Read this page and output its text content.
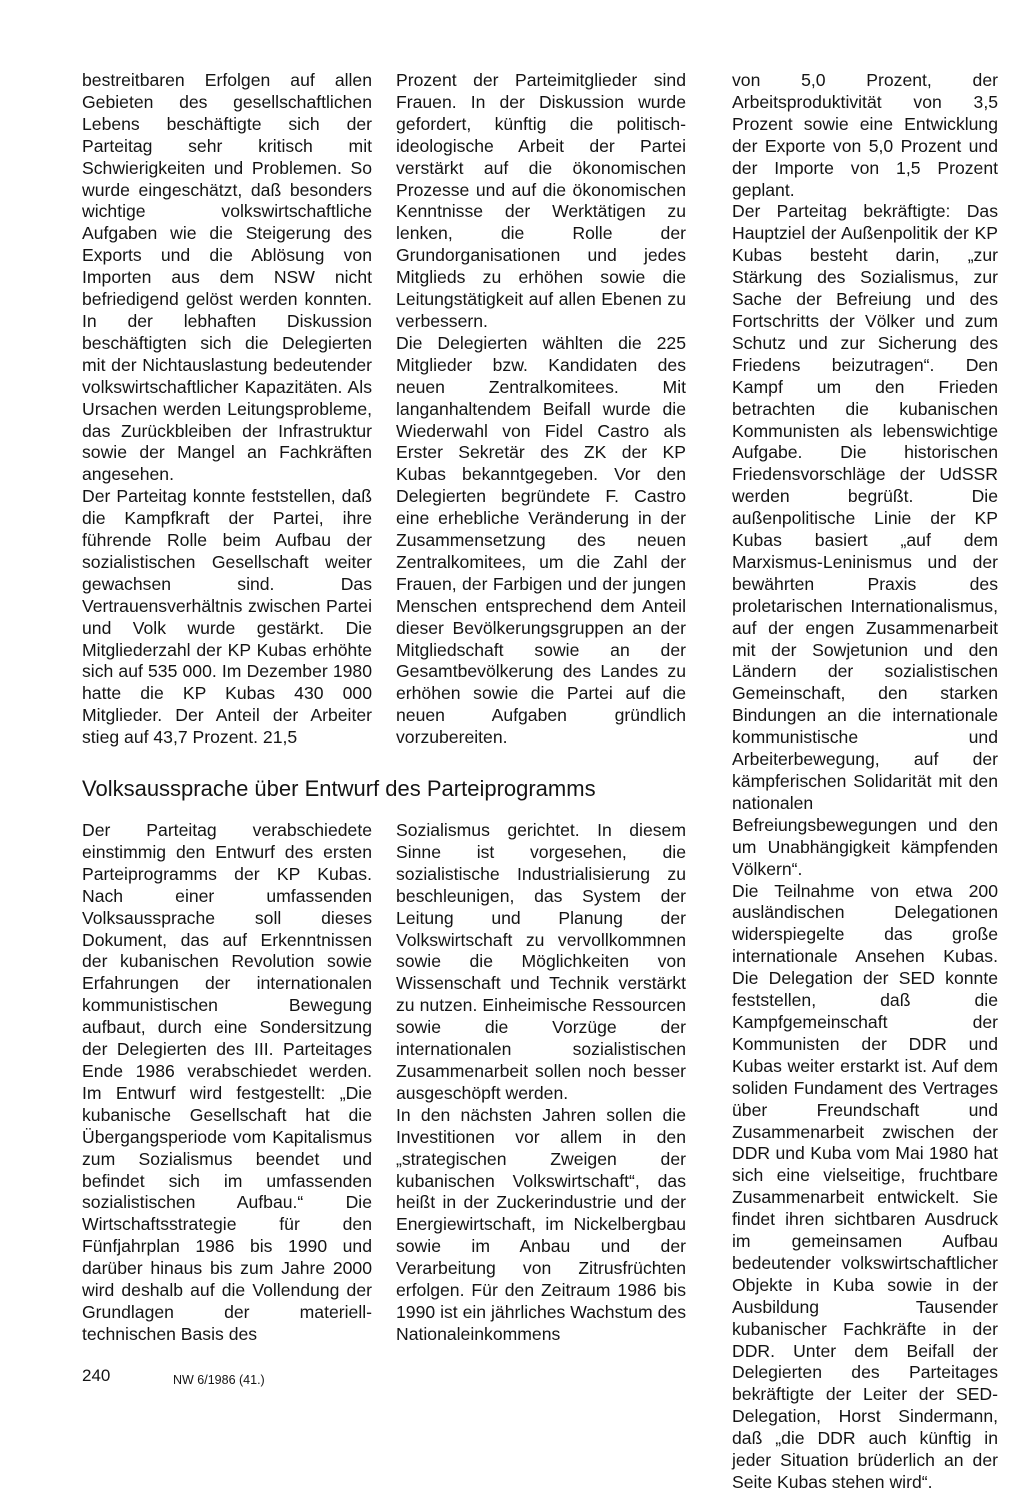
bestreitbaren Erfolgen auf allen Gebieten des gesellschaftlichen Lebens beschäftigte sich der Parteitag sehr kritisch mit Schwierigkeiten und Problemen. So wurde eingeschätzt, daß besonders wichtige volkswirtschaftliche Aufgaben wie die Steigerung des Exports und die Ablösung von Importen aus dem NSW nicht befriedigend gelöst werden konnten. In der lebhaften Diskussion beschäftigten sich die Delegierten mit der Nichtauslastung bedeutender volkswirtschaftlicher Kapazitäten. Als Ursachen werden Leitungsprobleme, das Zurückbleiben der Infrastruktur sowie der Mangel an Fachkräften angesehen.

Der Parteitag konnte feststellen, daß die Kampfkraft der Partei, ihre führende Rolle beim Aufbau der sozialistischen Gesellschaft weiter gewachsen sind. Das Vertrauensverhältnis zwischen Partei und Volk wurde gestärkt. Die Mitgliederzahl der KP Kubas erhöhte sich auf 535 000. Im Dezember 1980 hatte die KP Kubas 430 000 Mitglieder. Der Anteil der Arbeiter stieg auf 43,7 Prozent. 21,5

Prozent der Parteimitglieder sind Frauen. In der Diskussion wurde gefordert, künftig die politisch-ideologische Arbeit der Partei verstärkt auf die ökonomischen Prozesse und auf die ökonomischen Kenntnisse der Werktätigen zu lenken, die Rolle der Grundorganisationen und jedes Mitglieds zu erhöhen sowie die Leitungstätigkeit auf allen Ebenen zu verbessern.

Die Delegierten wählten die 225 Mitglieder bzw. Kandidaten des neuen Zentralkomitees. Mit langanhaltendem Beifall wurde die Wiederwahl von Fidel Castro als Erster Sekretär des ZK der KP Kubas bekanntgegeben. Vor den Delegierten begründete F. Castro eine erhebliche Veränderung in der Zusammensetzung des neuen Zentralkomitees, um die Zahl der Frauen, der Farbigen und der jungen Menschen entsprechend dem Anteil dieser Bevölkerungsgruppen an der Mitgliedschaft sowie an der Gesamtbevölkerung des Landes zu erhöhen sowie die Partei auf die neuen Aufgaben gründlich vorzubereiten.

von 5,0 Prozent, der Arbeitsproduktivität von 3,5 Prozent sowie eine Entwicklung der Exporte von 5,0 Prozent und der Importe von 1,5 Prozent geplant.

Der Parteitag bekräftigte: Das Hauptziel der Außenpolitik der KP Kubas besteht darin, „zur Stärkung des Sozialismus, zur Sache der Befreiung und des Fortschritts der Völker und zum Schutz und zur Sicherung des Friedens beizutragen“. Den Kampf um den Frieden betrachten die kubanischen Kommunisten als lebenswichtige Aufgabe. Die historischen Friedensvorschläge der UdSSR werden begrüßt. Die außenpolitische Linie der KP Kubas basiert „auf dem Marxismus-Leninismus und der bewährten Praxis des proletarischen Internationalismus, auf der engen Zusammenarbeit mit der Sowjetunion und den Ländern der sozialistischen Gemeinschaft, den starken Bindungen an die internationale kommunistische und Arbeiterbewegung, auf der kämpferischen Solidarität mit den nationalen Befreiungsbewegungen und den um Unabhängigkeit kämpfenden Völkern“.

Die Teilnahme von etwa 200 ausländischen Delegationen widerspiegelte das große internationale Ansehen Kubas. Die Delegation der SED konnte feststellen, daß die Kampfgemeinschaft der Kommunisten der DDR und Kubas weiter erstarkt ist. Auf dem soliden Fundament des Vertrages über Freundschaft und Zusammenarbeit zwischen der DDR und Kuba vom Mai 1980 hat sich eine vielseitige, fruchtbare Zusammenarbeit entwickelt. Sie findet ihren sichtbaren Ausdruck im gemeinsamen Aufbau bedeutender volkswirtschaftlicher Objekte in Kuba sowie in der Ausbildung Tausender kubanischer Fachkräfte in der DDR. Unter dem Beifall der Delegierten des Parteitages bekräftigte der Leiter der SED-Delegation, Horst Sindermann, daß „die DDR auch künftig in jeder Situation brüderlich an der Seite Kubas stehen wird“.

Volksaussprache über Entwurf des Parteiprogramms

Der Parteitag verabschiedete einstimmig den Entwurf des ersten Parteiprogramms der KP Kubas. Nach einer umfassenden Volksaussprache soll dieses Dokument, das auf Erkenntnissen der kubanischen Revolution sowie Erfahrungen der internationalen kommunistischen Bewegung aufbaut, durch eine Sondersitzung der Delegierten des III. Parteitages Ende 1986 verabschiedet werden. Im Entwurf wird festgestellt: „Die kubanische Gesellschaft hat die Übergangsperiode vom Kapitalismus zum Sozialismus beendet und befindet sich im umfassenden sozialistischen Aufbau.“ Die Wirtschaftsstrategie für den Fünfjahrplan 1986 bis 1990 und darüber hinaus bis zum Jahre 2000 wird deshalb auf die Vollendung der Grundlagen der materiell-technischen Basis des

Sozialismus gerichtet. In diesem Sinne ist vorgesehen, die sozialistische Industrialisierung zu beschleunigen, das System der Leitung und Planung der Volkswirtschaft zu vervollkommnen sowie die Möglichkeiten von Wissenschaft und Technik verstärkt zu nutzen. Einheimische Ressourcen sowie die Vorzüge der internationalen sozialistischen Zusammenarbeit sollen noch besser ausgeschöpft werden.

In den nächsten Jahren sollen die Investitionen vor allem in den „strategischen Zweigen der kubanischen Volkswirtschaft“, das heißt in der Zuckerindustrie und der Energiewirtschaft, im Nickelbergbau sowie im Anbau und der Verarbeitung von Zitrusfrüchten erfolgen. Für den Zeitraum 1986 bis 1990 ist ein jährliches Wachstum des Nationaleinkommens

240	NW 6/1986 (41.)
